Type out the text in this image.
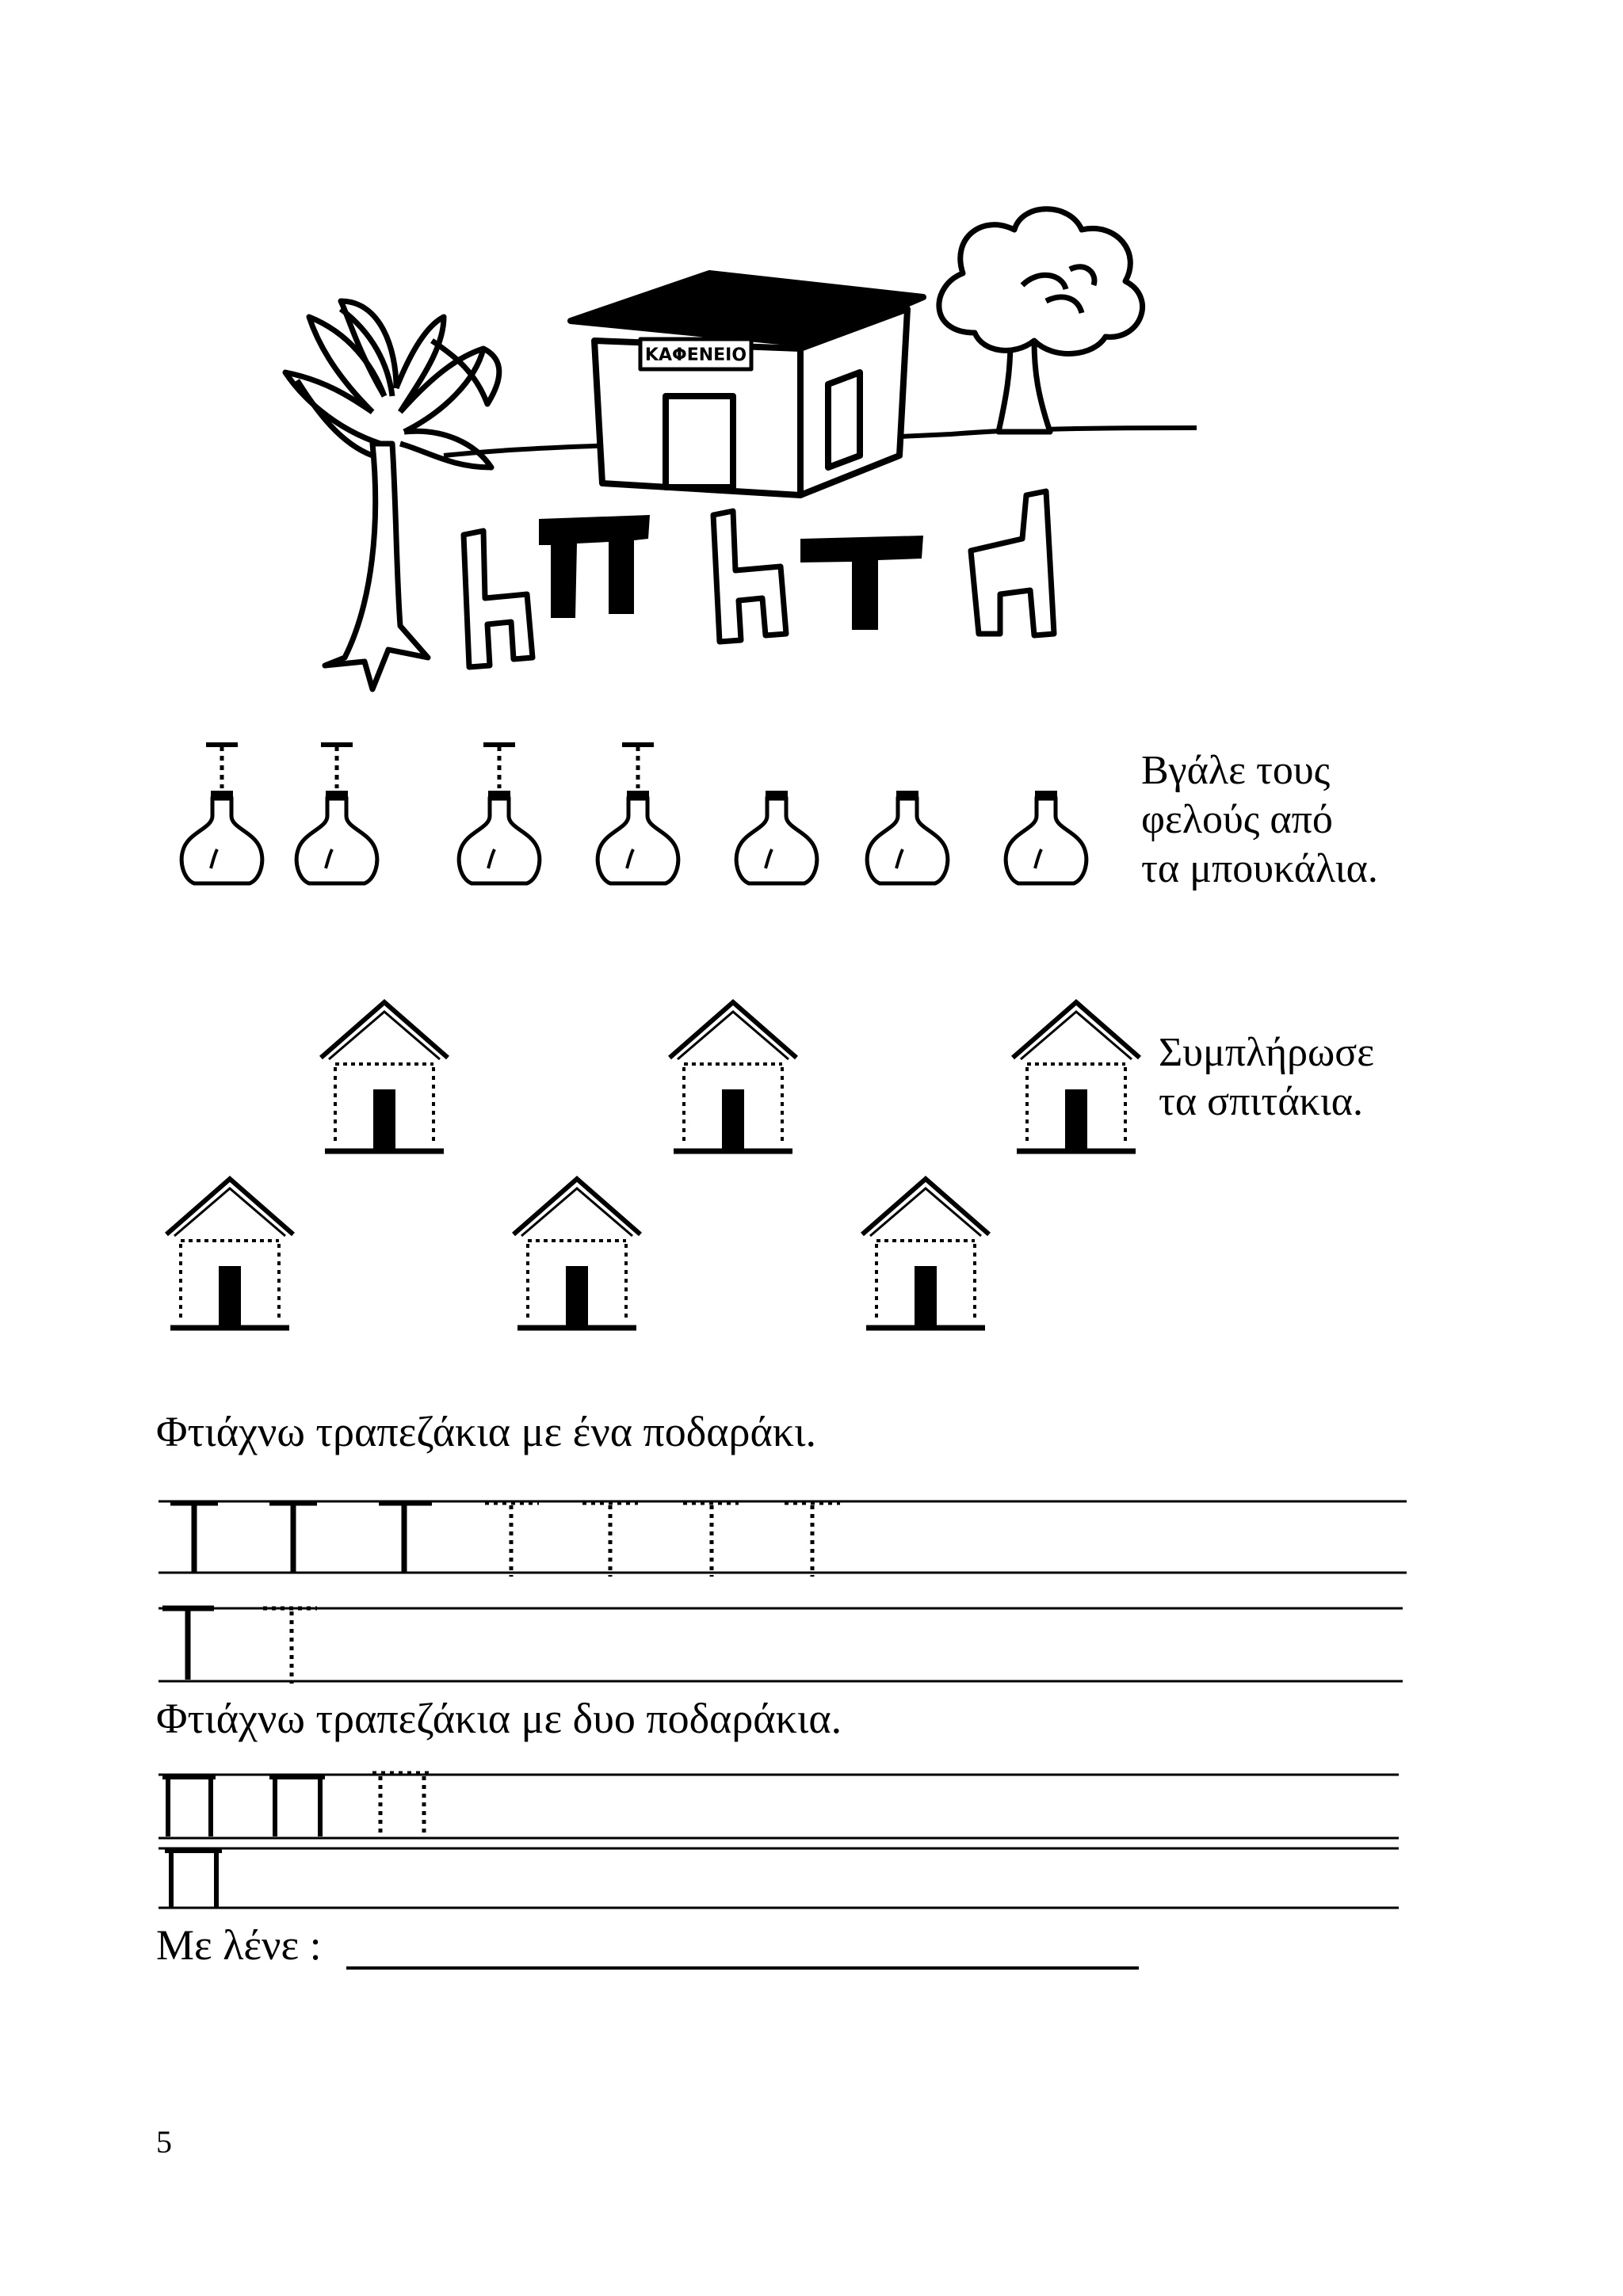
ΚΑΦΕΝΕΙΟ
Βγάλε τους
φελούς από
τα μπουκάλια.
Συμπλήρωσε
τα σπιτάκια.
Φτιάχνω τραπεζάκια με ένα ποδαράκι.
Φτιάχνω τραπεζάκια με δυο ποδαράκια.
Με λένε :
5
